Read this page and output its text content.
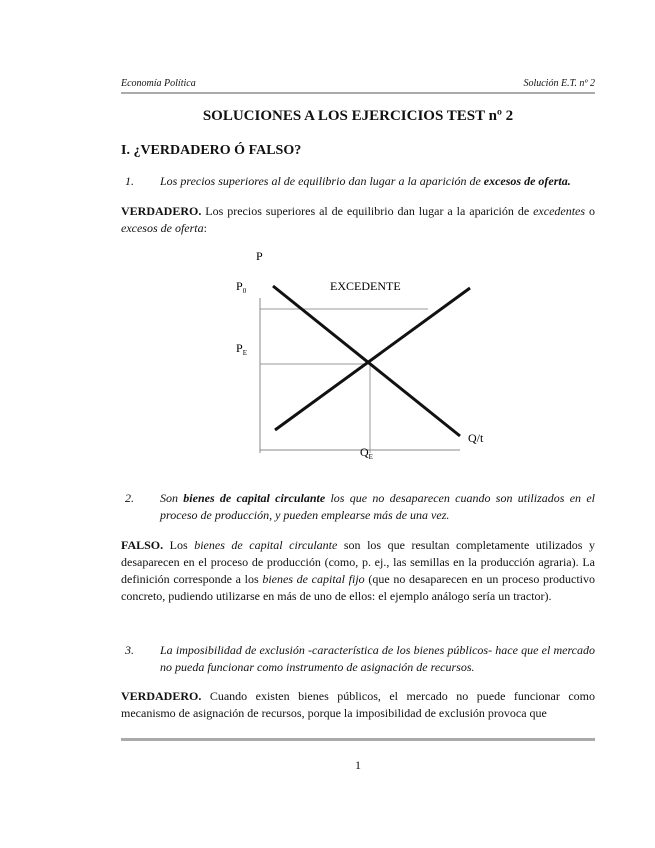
Economía Política	Solución E.T. nº 2
SOLUCIONES A LOS EJERCICIOS TEST nº 2
I. ¿VERDADERO Ó FALSO?
1. Los precios superiores al de equilibrio dan lugar a la aparición de excesos de oferta.
VERDADERO. Los precios superiores al de equilibrio dan lugar a la aparición de excedentes o excesos de oferta:
P
$P_0$
$P_E$
EXCEDENTE
Q/t
$Q_E$
2. Son bienes de capital circulante los que no desaparecen cuando son utilizados en el proceso de producción, y pueden emplearse más de una vez.
FALSO. Los bienes de capital circulante son los que resultan completamente utilizados y desaparecen en el proceso de producción (como, p. ej., las semillas en la producción agraria). La definición corresponde a los bienes de capital fijo (que no desaparecen en un proceso productivo concreto, pudiendo utilizarse en más de uno de ellos: el ejemplo análogo sería un tractor).
3. La imposibilidad de exclusión -característica de los bienes públicos- hace que el mercado no pueda funcionar como instrumento de asignación de recursos.
VERDADERO. Cuando existen bienes públicos, el mercado no puede funcionar como mecanismo de asignación de recursos, porque la imposibilidad de exclusión provoca que
1
